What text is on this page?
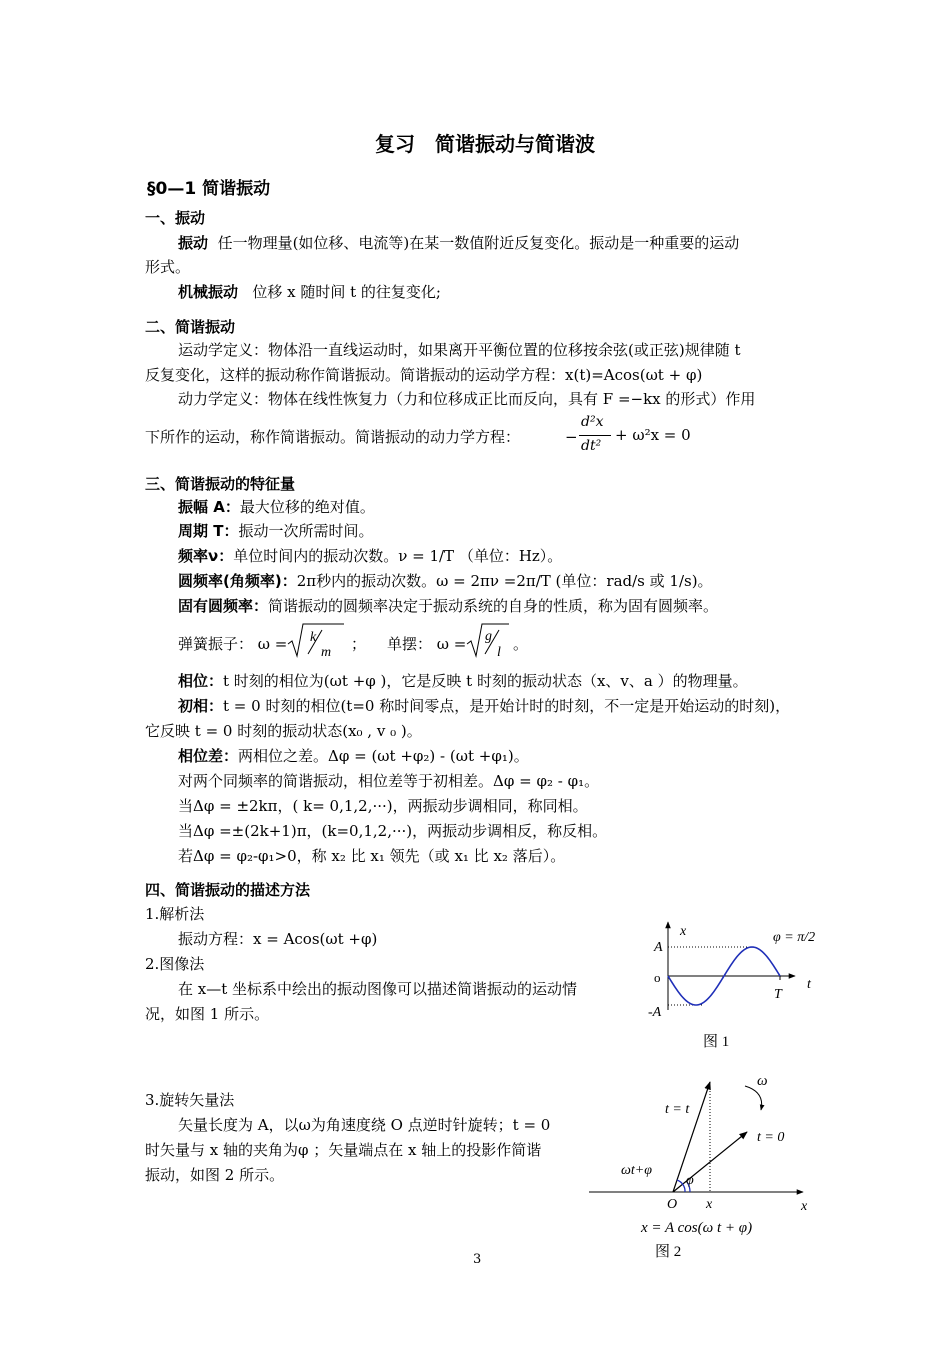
复习　简谐振动与简谐波
§0—1 简谐振动
一、振动
振动 任一物理量(如位移、电流等)在某一数值附近反复变化。振动是一种重要的运动
形式。
机械振动 位移 x 随时间 t 的往复变化;
二、简谐振动
运动学定义：物体沿一直线运动时，如果离开平衡位置的位移按余弦(或正弦)规律随 t
反复变化，这样的振动称作简谐振动。简谐振动的运动学方程：x(t)=Acos(ωt + φ)
动力学定义：物体在线性恢复力（力和位移成正比而反向，具有 F =−kx 的形式）作用
下所作的运动，称作简谐振动。简谐振动的动力学方程：	−
d²x
dt²
+ ω²x = 0
三、简谐振动的特征量
振幅 A：最大位移的绝对值。
周期 T：振动一次所需时间。
频率ν：单位时间内的振动次数。ν = 1/T （单位：Hz）。
圆频率(角频率)：2π秒内的振动次数。ω = 2πν =2π/T (单位：rad/s 或 1/s)。
固有圆频率：简谐振动的圆频率决定于振动系统的自身的性质，称为固有圆频率。
弹簧振子： ω = k
m ； 单摆： ω = g
l 。
相位：t 时刻的相位为(ωt +φ )，它是反映 t 时刻的振动状态（x、v、a ）的物理量。
初相：t = 0 时刻的相位(t=0 称时间零点，是开始计时的时刻，不一定是开始运动的时刻)，
它反映 t = 0 时刻的振动状态(x₀ , v ₀ )。
相位差：两相位之差。Δφ = (ωt +φ₂) - (ωt +φ₁)。
对两个同频率的简谐振动，相位差等于初相差。Δφ = φ₂ - φ₁。
当Δφ = ±2kπ，( k= 0,1,2,···)，两振动步调相同，称同相。
当Δφ =±(2k+1)π，(k=0,1,2,···)，两振动步调相反，称反相。
若Δφ = φ₂-φ₁>0，称 x₂ 比 x₁ 领先（或 x₁ 比 x₂ 落后）。
四、简谐振动的描述方法
1.解析法
振动方程：x = Acos(ωt +φ)
2.图像法
在 x—t 坐标系中绘出的振动图像可以描述简谐振动的运动情
况，如图 1 所示。
x
t
A
-A
o
T
φ = π/2
图 1
3.旋转矢量法
矢量长度为 A，以ω为角速度绕 O 点逆时针旋转；t = 0
时矢量与 x 轴的夹角为φ ；矢量端点在 x 轴上的投影作简谐
振动，如图 2 所示。
ω
t = t
t = 0
ωt+φ
φ
O x	x
x = A cos(ω t + φ)
图 2
3
